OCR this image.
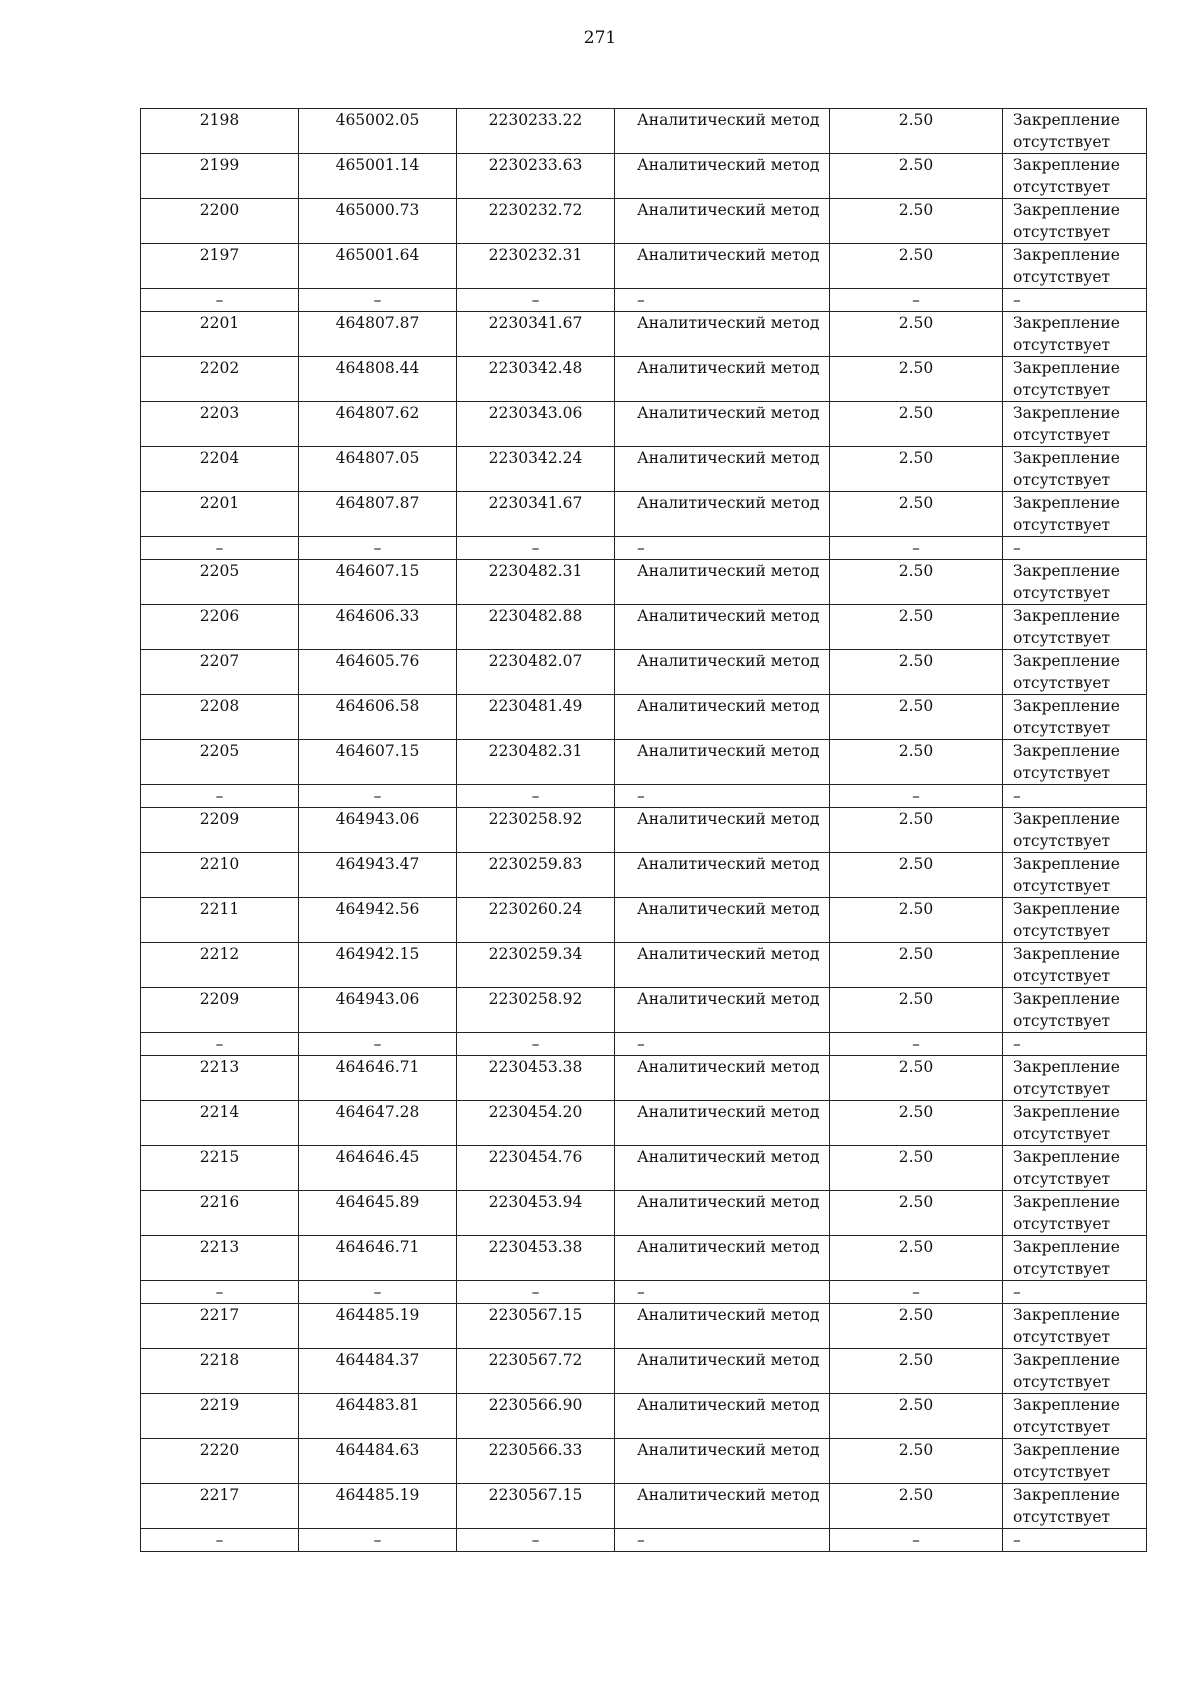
271
2198	465002.05	2230233.22	Аналитический метод	2.50	Закрепление отсутствует
2199	465001.14	2230233.63	Аналитический метод	2.50	Закрепление отсутствует
2200	465000.73	2230232.72	Аналитический метод	2.50	Закрепление отсутствует
2197	465001.64	2230232.31	Аналитический метод	2.50	Закрепление отсутствует
–	–	–	–	–	–
2201	464807.87	2230341.67	Аналитический метод	2.50	Закрепление отсутствует
2202	464808.44	2230342.48	Аналитический метод	2.50	Закрепление отсутствует
2203	464807.62	2230343.06	Аналитический метод	2.50	Закрепление отсутствует
2204	464807.05	2230342.24	Аналитический метод	2.50	Закрепление отсутствует
2201	464807.87	2230341.67	Аналитический метод	2.50	Закрепление отсутствует
–	–	–	–	–	–
2205	464607.15	2230482.31	Аналитический метод	2.50	Закрепление отсутствует
2206	464606.33	2230482.88	Аналитический метод	2.50	Закрепление отсутствует
2207	464605.76	2230482.07	Аналитический метод	2.50	Закрепление отсутствует
2208	464606.58	2230481.49	Аналитический метод	2.50	Закрепление отсутствует
2205	464607.15	2230482.31	Аналитический метод	2.50	Закрепление отсутствует
–	–	–	–	–	–
2209	464943.06	2230258.92	Аналитический метод	2.50	Закрепление отсутствует
2210	464943.47	2230259.83	Аналитический метод	2.50	Закрепление отсутствует
2211	464942.56	2230260.24	Аналитический метод	2.50	Закрепление отсутствует
2212	464942.15	2230259.34	Аналитический метод	2.50	Закрепление отсутствует
2209	464943.06	2230258.92	Аналитический метод	2.50	Закрепление отсутствует
–	–	–	–	–	–
2213	464646.71	2230453.38	Аналитический метод	2.50	Закрепление отсутствует
2214	464647.28	2230454.20	Аналитический метод	2.50	Закрепление отсутствует
2215	464646.45	2230454.76	Аналитический метод	2.50	Закрепление отсутствует
2216	464645.89	2230453.94	Аналитический метод	2.50	Закрепление отсутствует
2213	464646.71	2230453.38	Аналитический метод	2.50	Закрепление отсутствует
–	–	–	–	–	–
2217	464485.19	2230567.15	Аналитический метод	2.50	Закрепление отсутствует
2218	464484.37	2230567.72	Аналитический метод	2.50	Закрепление отсутствует
2219	464483.81	2230566.90	Аналитический метод	2.50	Закрепление отсутствует
2220	464484.63	2230566.33	Аналитический метод	2.50	Закрепление отсутствует
2217	464485.19	2230567.15	Аналитический метод	2.50	Закрепление отсутствует
–	–	–	–	–	–
